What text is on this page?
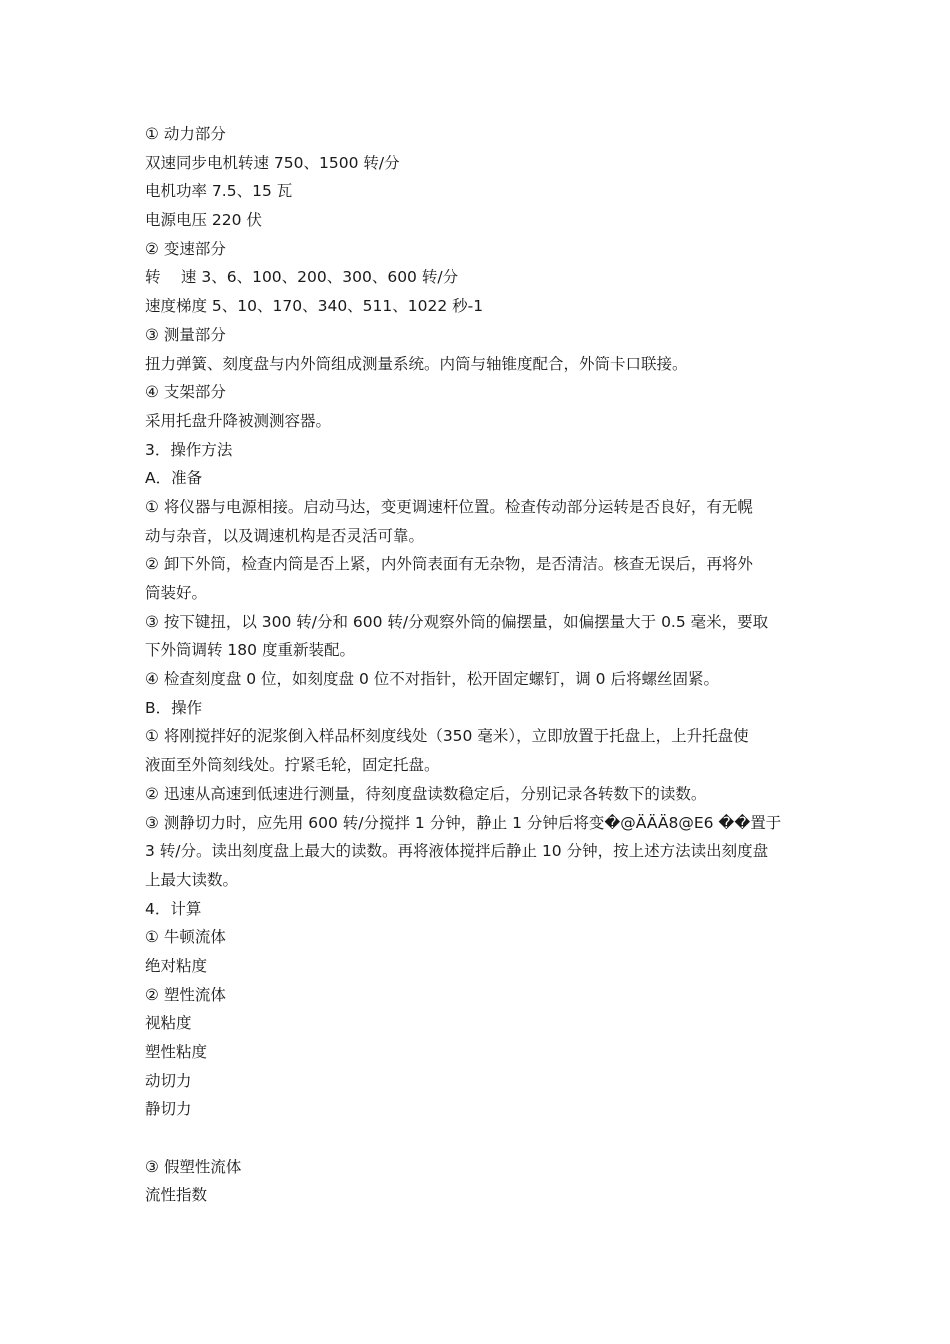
① 动力部分
双速同步电机转速 750、1500 转/分
电机功率 7.5、15 瓦
电源电压 220 伏
② 变速部分
转　 速 3、6、100、200、300、600 转/分
速度梯度 5、10、170、340、511、1022 秒-1
③ 测量部分
扭力弹簧、刻度盘与内外筒组成测量系统。内筒与轴锥度配合，外筒卡口联接。
④ 支架部分
采用托盘升降被测测容器。
3．操作方法
A．准备
① 将仪器与电源相接。启动马达，变更调速杆位置。检查传动部分运转是否良好，有无幌
动与杂音，以及调速机构是否灵活可靠。
② 卸下外筒，检查内筒是否上紧，内外筒表面有无杂物，是否清洁。核查无误后，再将外
筒装好。
③ 按下键扭，以 300 转/分和 600 转/分观察外筒的偏摆量，如偏摆量大于 0.5 毫米，要取
下外筒调转 180 度重新装配。
④ 检查刻度盘 0 位，如刻度盘 0 位不对指针，松开固定螺钉，调 0 后将螺丝固紧。
B．操作
① 将刚搅拌好的泥浆倒入样品杯刻度线处（350 毫米），立即放置于托盘上，上升托盘使
液面至外筒刻线处。拧紧毛轮，固定托盘。
② 迅速从高速到低速进行测量，待刻度盘读数稳定后，分别记录各转数下的读数。
③ 测静切力时，应先用 600 转/分搅拌 1 分钟，静止 1 分钟后将变�@ÄÄÄ8@E6 ��置于
3 转/分。读出刻度盘上最大的读数。再将液体搅拌后静止 10 分钟，按上述方法读出刻度盘
上最大读数。
4．计算
① 牛顿流体
绝对粘度
② 塑性流体
视粘度
塑性粘度
动切力
静切力
③ 假塑性流体
流性指数
